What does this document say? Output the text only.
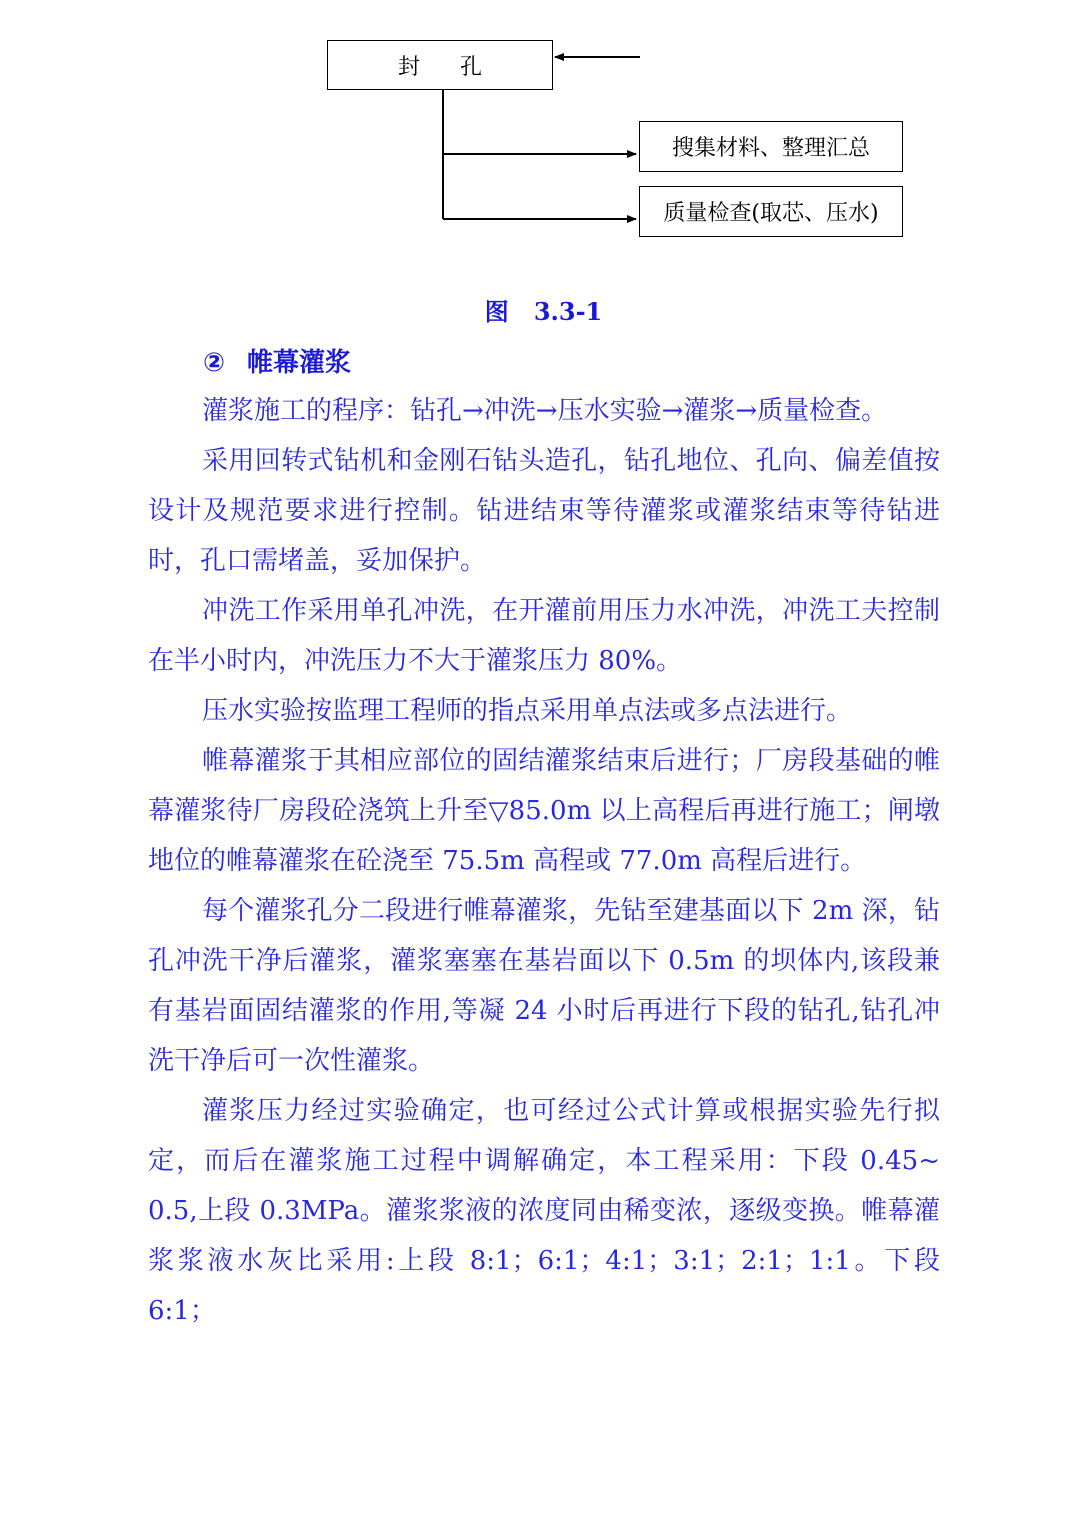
封孔
搜集材料、整理汇总
质量检查(取芯、压水)
图   3.3-1
② 帷幕灌浆

灌浆施工的程序：钻孔→冲洗→压水实验→灌浆→质量检查。

采用回转式钻机和金刚石钻头造孔，钻孔地位、孔向、偏差值按设计及规范要求进行控制。钻进结束等待灌浆或灌浆结束等待钻进时，孔口需堵盖，妥加保护。

冲洗工作采用单孔冲洗，在开灌前用压力水冲洗，冲洗工夫控制在半小时内，冲洗压力不大于灌浆压力 80%。

压水实验按监理工程师的指点采用单点法或多点法进行。

帷幕灌浆于其相应部位的固结灌浆结束后进行；厂房段基础的帷幕灌浆待厂房段砼浇筑上升至▽85.0m 以上高程后再进行施工；闸墩地位的帷幕灌浆在砼浇至 75.5m 高程或 77.0m 高程后进行。

每个灌浆孔分二段进行帷幕灌浆，先钻至建基面以下 2m 深，钻孔冲洗干净后灌浆，灌浆塞塞在基岩面以下 0.5m 的坝体内,该段兼有基岩面固结灌浆的作用,等凝 24 小时后再进行下段的钻孔,钻孔冲洗干净后可一次性灌浆。

灌浆压力经过实验确定，也可经过公式计算或根据实验先行拟定，而后在灌浆施工过程中调解确定，本工程采用：下段 0.45~ 0.5,上段 0.3MPa。灌浆浆液的浓度同由稀变浓，逐级变换。帷幕灌浆浆液水灰比采用:上段 8:1；6:1；4:1；3:1；2:1；1:1。下段 6:1；
